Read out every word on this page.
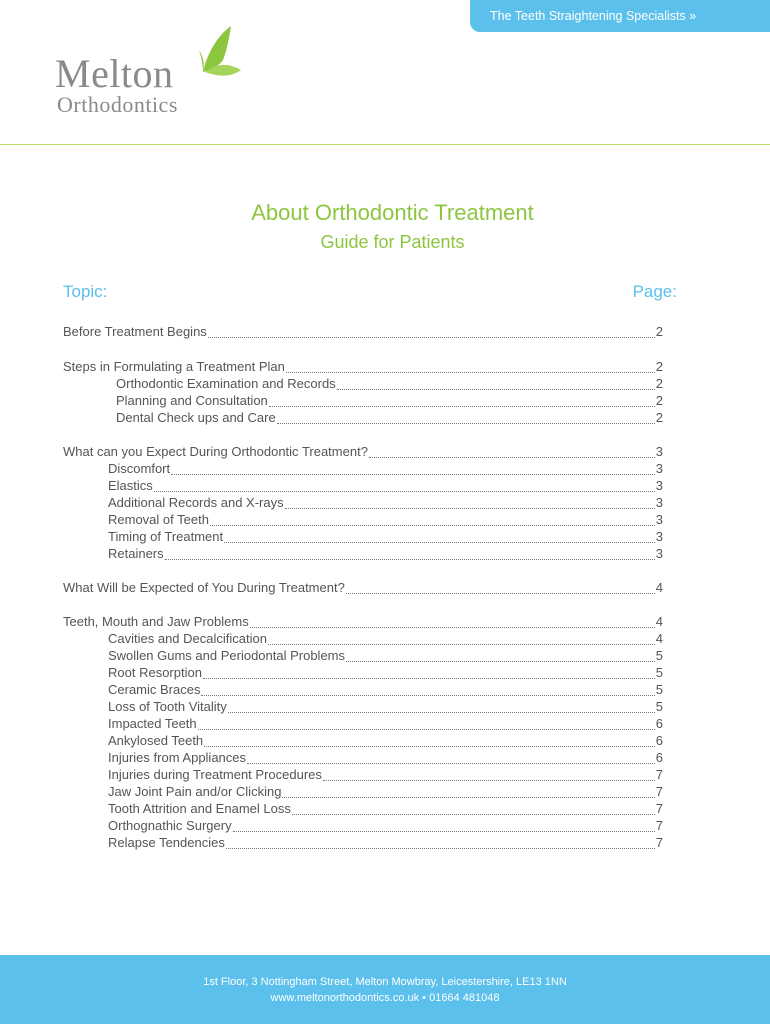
The Teeth Straightening Specialists »
Melton
Orthodontics
About Orthodontic Treatment
Guide for Patients
Topic:	Page:
Before Treatment Begins	2
Steps in Formulating a Treatment Plan	2
Orthodontic Examination and Records	2
Planning and Consultation	2
Dental Check ups and Care	2
What can you Expect During Orthodontic Treatment?	3
Discomfort	3
Elastics	3
Additional Records and X-rays	3
Removal of Teeth	3
Timing of Treatment	3
Retainers	3
What Will be Expected of You During Treatment?	4
Teeth, Mouth and Jaw Problems	4
Cavities and Decalcification	4
Swollen Gums and Periodontal Problems	5
Root Resorption	5
Ceramic Braces	5
Loss of Tooth Vitality	5
Impacted Teeth	6
Ankylosed Teeth	6
Injuries from Appliances	6
Injuries during Treatment Procedures	7
Jaw Joint Pain and/or Clicking	7
Tooth Attrition and Enamel Loss	7
Orthognathic Surgery	7
Relapse Tendencies	7
1st Floor, 3 Nottingham Street, Melton Mowbray, Leicestershire, LE13 1NN
www.meltonorthodontics.co.uk • 01664 481048
